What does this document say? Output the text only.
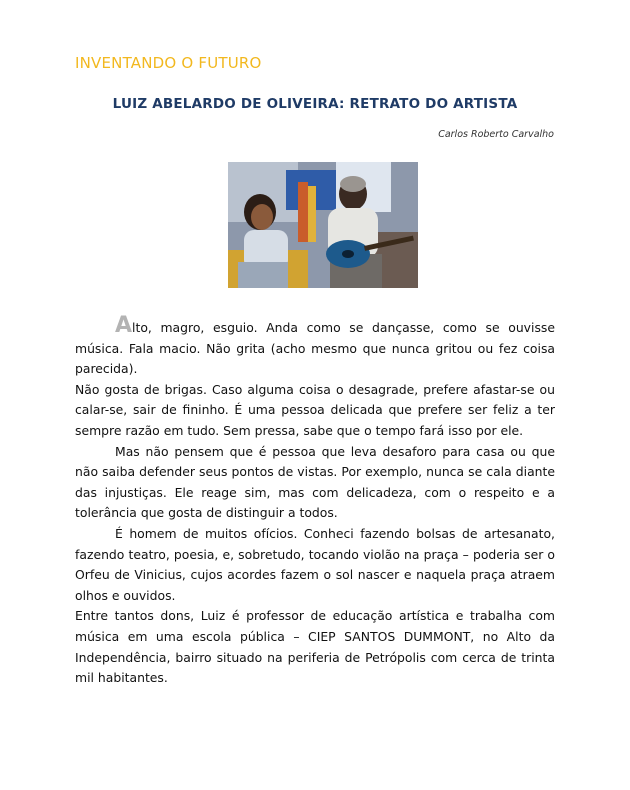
INVENTANDO O FUTURO
LUIZ ABELARDO DE OLIVEIRA: RETRATO DO ARTISTA

Carlos Roberto Carvalho

Alto, magro, esguio. Anda como se dançasse, como se ouvisse música. Fala macio. Não grita (acho mesmo que nunca gritou ou fez coisa parecida).

Não gosta de brigas. Caso alguma coisa o desagrade, prefere afastar-se ou calar-se, sair de fininho. É uma pessoa delicada que prefere ser feliz a ter sempre razão em tudo. Sem pressa, sabe que o tempo fará isso por ele.

Mas não pensem que é pessoa que leva desaforo para casa ou que não saiba defender seus pontos de vistas. Por exemplo, nunca se cala diante das injustiças. Ele reage sim, mas com delicadeza, com o respeito e a tolerância que gosta de distinguir a todos.

É homem de muitos ofícios. Conheci fazendo bolsas de artesanato, fazendo teatro, poesia, e, sobretudo, tocando violão na praça – poderia ser o Orfeu de Vinicius, cujos acordes fazem o sol nascer e naquela praça atraem olhos e ouvidos.

Entre tantos dons, Luiz é professor de educação artística e trabalha com música em uma escola pública – CIEP SANTOS DUMMONT, no Alto da Independência, bairro situado na periferia de Petrópolis com cerca de trinta mil habitantes.
